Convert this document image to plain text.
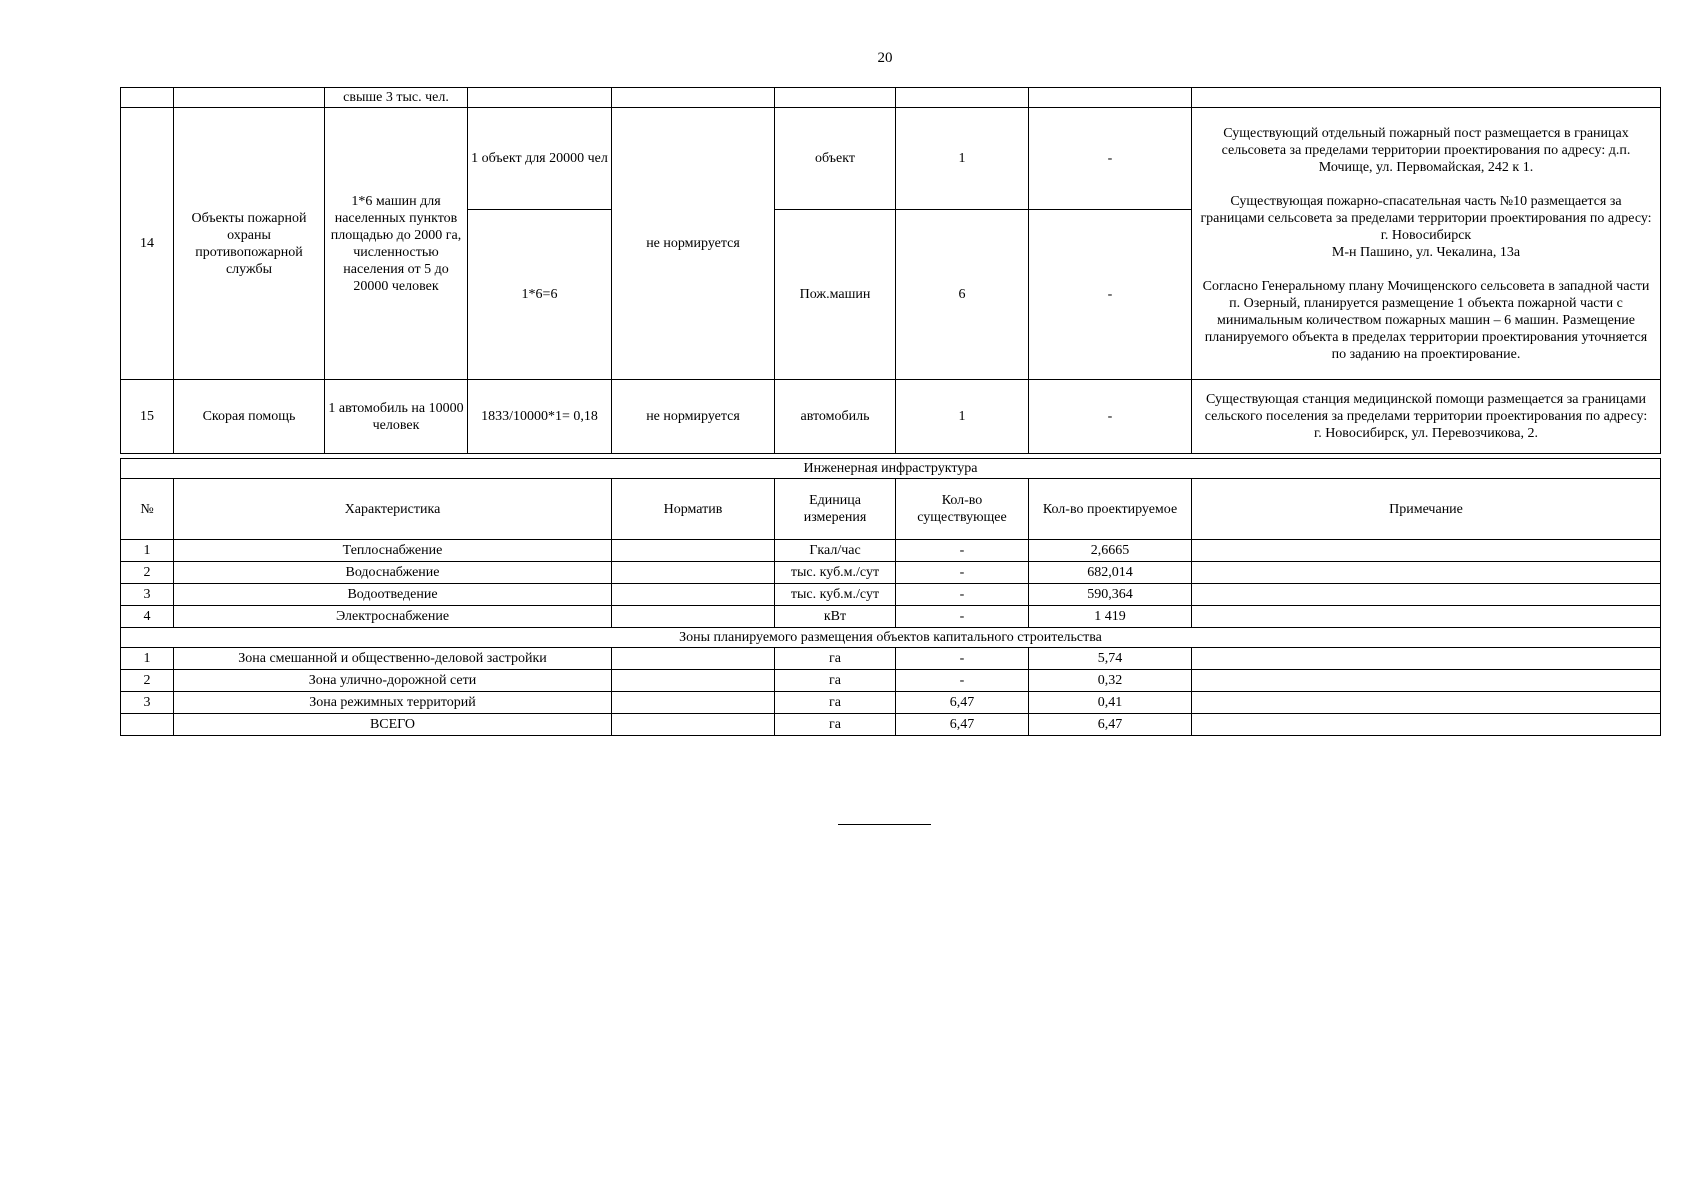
20
		свыше 3 тыс. чел.						
14	Объекты пожарной охраны противопожарной службы	1*6 машин для населенных пунктов площадью до 2000 га, численностью населения от 5 до 20000 человек	1 объект для 20000 чел	не нормируется	объект	1	-	Существующий отдельный пожарный пост размещается в границах сельсовета за пределами территории проектирования по адресу: д.п. Мочище, ул. Первомайская, 242 к 1.

Существующая пожарно-спасательная часть №10 размещается за границами сельсовета за пределами территории проектирования по адресу: г. Новосибирск
М-н Пашино, ул. Чекалина, 13а

Согласно Генеральному плану Мочищенского сельсовета в западной части п. Озерный, планируется размещение 1 объекта пожарной части с минимальным количеством пожарных машин – 6 машин. Размещение планируемого объекта в пределах территории проектирования уточняется по заданию на проектирование.

			1*6=6		Пож.машин	6	-	
15	Скорая помощь	1 автомобиль на 10000 человек	1833/10000*1= 0,18	не нормируется	автомобиль	1	-	Существующая станция медицинской помощи размещается за границами сельского поселения за пределами территории проектирования по адресу:
г. Новосибирск, ул. Перевозчикова, 2.
Инженерная инфраструктура						
№	Характеристика	Норматив	Единица измерения	Кол-во существующее	Кол-во проектируемое	Примечание
1	Теплоснабжение		Гкал/час	-	2,6665	
2	Водоснабжение		тыс. куб.м./сут	-	682,014	
3	Водоотведение		тыс. куб.м./сут	-	590,364	
4	Электроснабжение		кВт	-	1 419	
Зоны планируемого размещения объектов капитального строительства						
1	Зона смешанной и общественно-деловой застройки		га	-	5,74	
2	Зона улично-дорожной сети		га	-	0,32	
3	Зона режимных территорий		га	6,47	0,41	
	ВСЕГО		га	6,47	6,47	
